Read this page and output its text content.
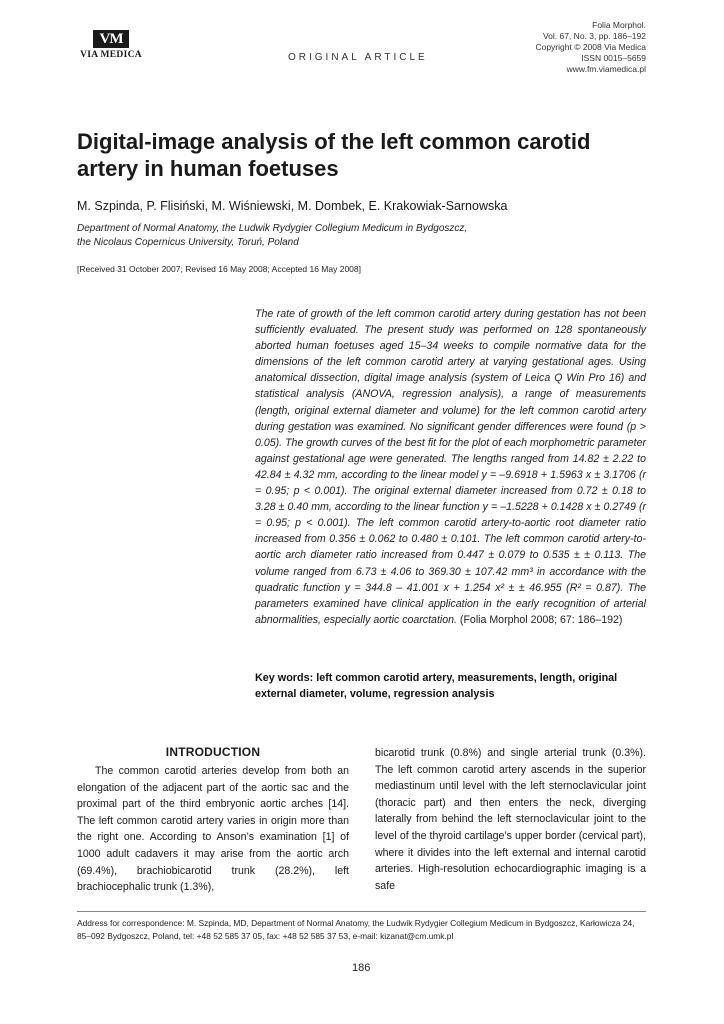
VM
VIA MEDICA	ORIGINAL ARTICLE
Folia Morphol.
Vol. 67, No. 3, pp. 186–192
Copyright © 2008 Via Medica
ISSN 0015–5659
www.fm.viamedica.pl
Digital-image analysis of the left common carotid artery in human foetuses
M. Szpinda, P. Flisiński, M. Wiśniewski, M. Dombek, E. Krakowiak-Sarnowska
Department of Normal Anatomy, the Ludwik Rydygier Collegium Medicum in Bydgoszcz,
the Nicolaus Copernicus University, Toruń, Poland
[Received 31 October 2007; Revised 16 May 2008; Accepted 16 May 2008]

The rate of growth of the left common carotid artery during gestation has not been sufficiently evaluated. The present study was performed on 128 spontaneously aborted human foetuses aged 15–34 weeks to compile normative data for the dimensions of the left common carotid artery at varying gestational ages. Using anatomical dissection, digital image analysis (system of Leica Q Win Pro 16) and statistical analysis (ANOVA, regression analysis), a range of measurements (length, original external diameter and volume) for the left common carotid artery during gestation was examined. No significant gender differences were found (p > 0.05). The growth curves of the best fit for the plot of each morphometric parameter against gestational age were generated. The lengths ranged from 14.82 ± 2.22 to 42.84 ± 4.32 mm, according to the linear model y = –9.6918 + 1.5963 x ± 3.1706 (r = 0.95; p < 0.001). The original external diameter increased from 0.72 ± 0.18 to 3.28 ± 0.40 mm, according to the linear function y = –1.5228 + 0.1428 x ± 0.2749 (r = 0.95; p < 0.001). The left common carotid artery-to-aortic root diameter ratio increased from 0.356 ± 0.062 to 0.480 ± 0.101. The left common carotid artery-to-aortic arch diameter ratio increased from 0.447 ± 0.079 to 0.535 ± ± 0.113. The volume ranged from 6.73 ± 4.06 to 369.30 ± 107.42 mm³ in accordance with the quadratic function y = 344.8 – 41.001 x + 1.254 x² ± ± 46.955 (R² = 0.87). The parameters examined have clinical application in the early recognition of arterial abnormalities, especially aortic coarctation. (Folia Morphol 2008; 67: 186–192)

Key words: left common carotid artery, measurements, length, original external diameter, volume, regression analysis
INTRODUCTION

The common carotid arteries develop from both an elongation of the adjacent part of the aortic sac and the proximal part of the third embryonic aortic arches [14]. The left common carotid artery varies in origin more than the right one. According to Anson’s examination [1] of 1000 adult cadavers it may arise from the aortic arch (69.4%), brachiobicarotid trunk (28.2%), left brachiocephalic trunk (1.3%),

bicarotid trunk (0.8%) and single arterial trunk (0.3%). The left common carotid artery ascends in the superior mediastinum until level with the left sternoclavicular joint (thoracic part) and then enters the neck, diverging laterally from behind the left sternoclavicular joint to the level of the thyroid cartilage’s upper border (cervical part), where it divides into the left external and internal carotid arteries. High-resolution echocardiographic imaging is a safe

Address for correspondence: M. Szpinda, MD, Department of Normal Anatomy, the Ludwik Rydygier Collegium Medicum in Bydgoszcz, Karłowicza 24, 85–092 Bydgoszcz, Poland, tel: +48 52 585 37 05, fax: +48 52 585 37 53, e-mail: kizanat@cm.umk.pl
186
